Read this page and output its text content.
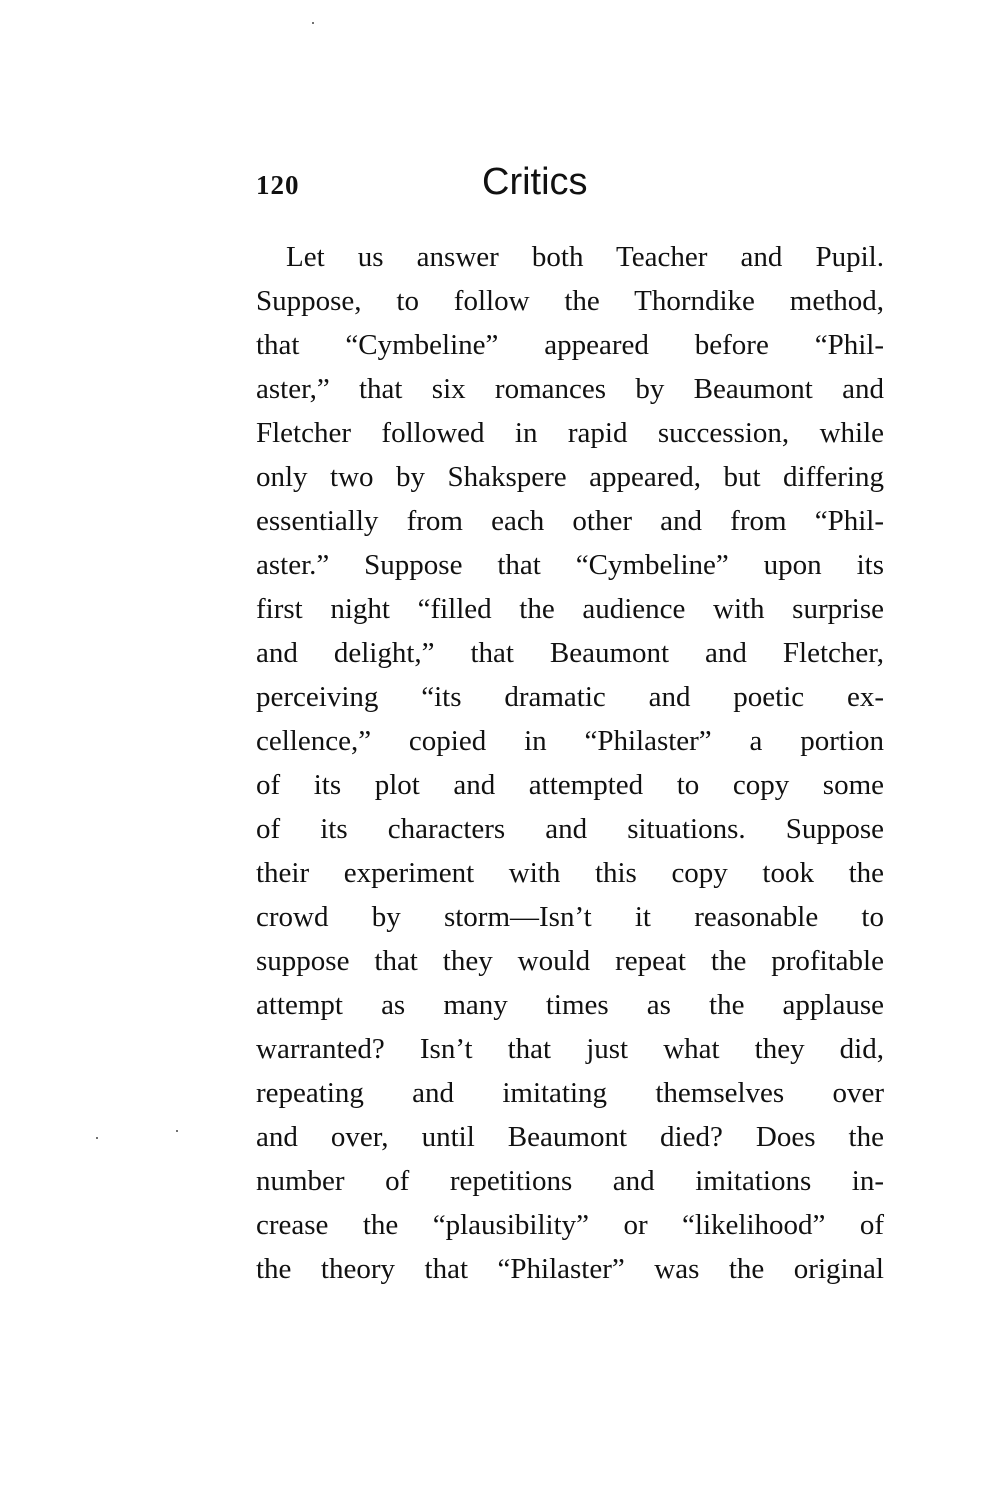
120	Critics
Let us answer both Teacher and Pupil.
Suppose, to follow the Thorndike method,
that “Cymbeline” appeared before “Phil-
aster,” that six romances by Beaumont and
Fletcher followed in rapid succession, while
only two by Shakspere appeared, but differing
essentially from each other and from “Phil-
aster.” Suppose that “Cymbeline” upon its
first night “filled the audience with surprise
and delight,” that Beaumont and Fletcher,
perceiving “its dramatic and poetic ex-
cellence,” copied in “Philaster” a portion
of its plot and attempted to copy some
of its characters and situations. Suppose
their experiment with this copy took the
crowd by storm—Isn’t it reasonable to
suppose that they would repeat the profitable
attempt as many times as the applause
warranted? Isn’t that just what they did,
repeating and imitating themselves over
and over, until Beaumont died? Does the
number of repetitions and imitations in-
crease the “plausibility” or “likelihood” of
the theory that “Philaster” was the original
